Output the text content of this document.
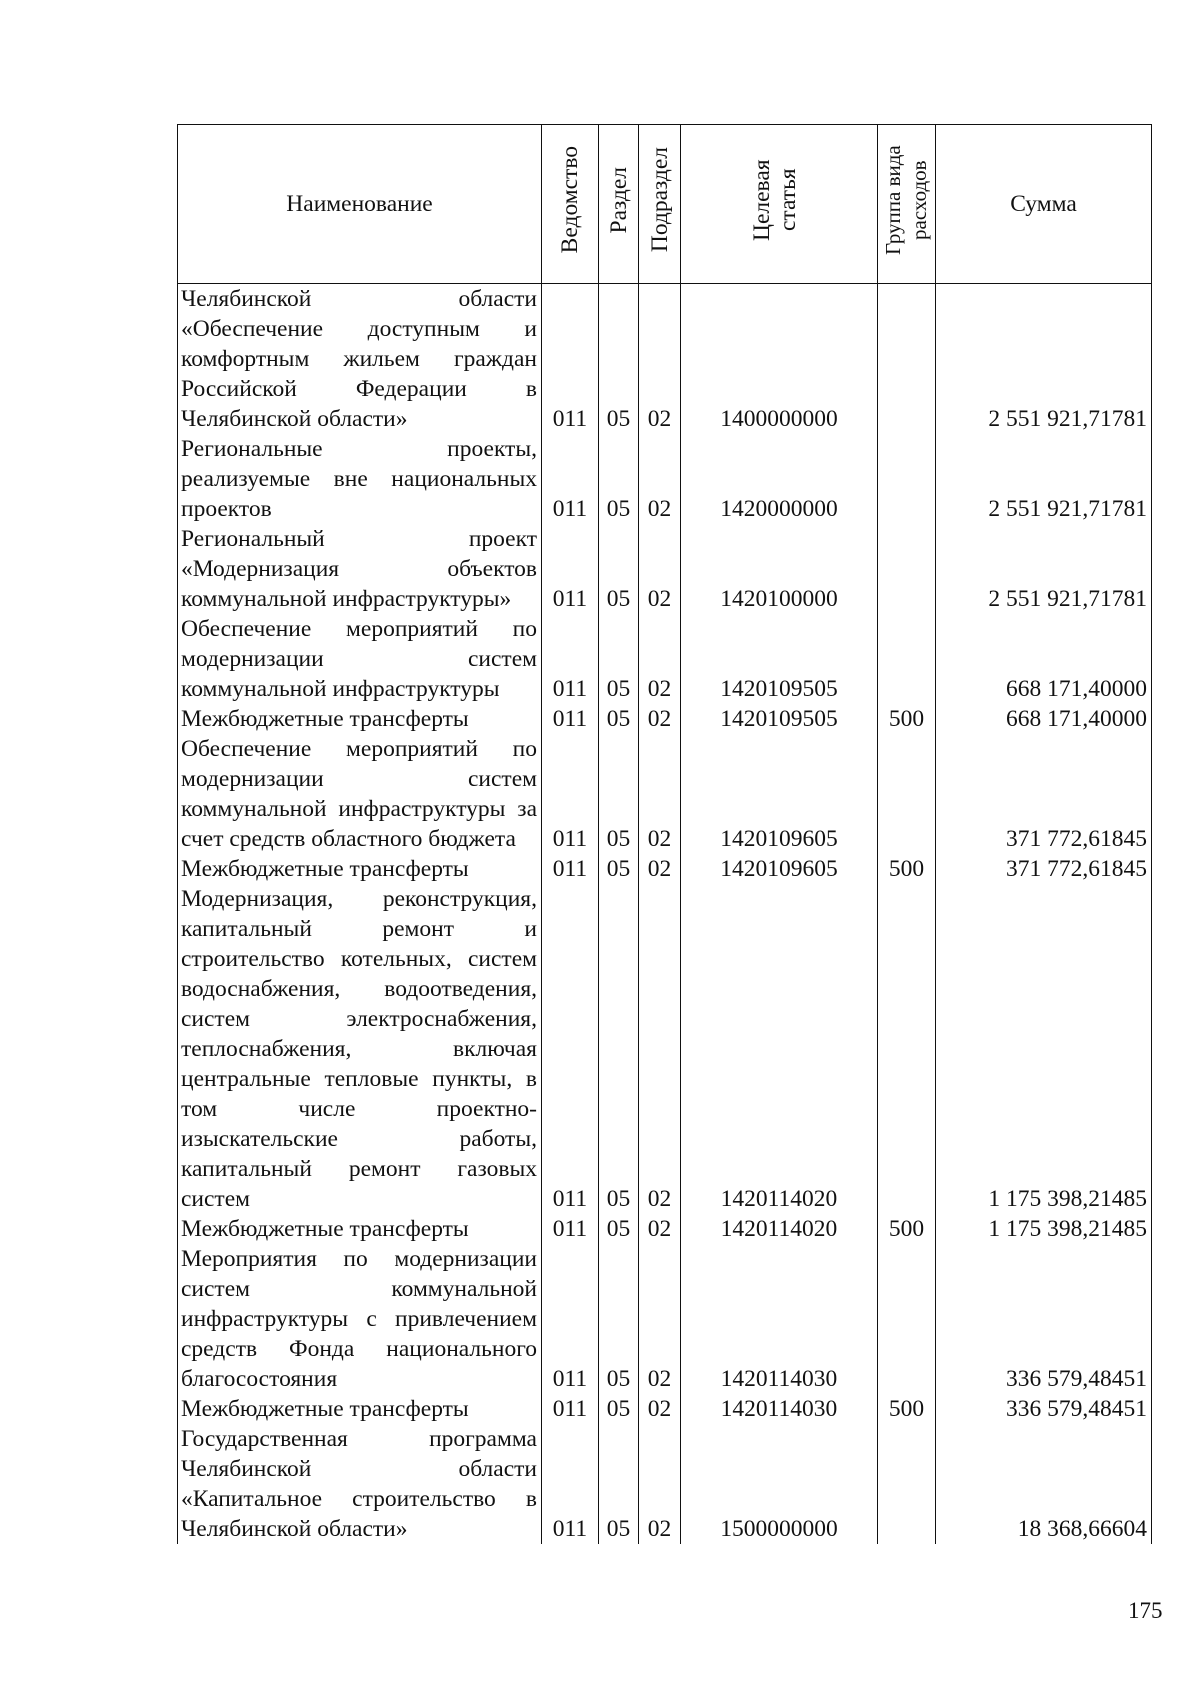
Наименование	Ведомство	Раздел	Подраздел	Целевая статья	Группа вида расходов	Сумма
Челябинской области «Обеспечение доступным и комфортным жильем граждан Российской Федерации в Челябинской области»	011	05	02	1400000000		2 551 921,71781
Региональные проекты, реализуемые вне национальных проектов	011	05	02	1420000000		2 551 921,71781
Региональный проект «Модернизация объектов коммунальной инфраструктуры»	011	05	02	1420100000		2 551 921,71781
Обеспечение мероприятий по модернизации систем коммунальной инфраструктуры	011	05	02	1420109505		668 171,40000
Межбюджетные трансферты	011	05	02	1420109505	500	668 171,40000
Обеспечение мероприятий по модернизации систем коммунальной инфраструктуры за счет средств областного бюджета	011	05	02	1420109605		371 772,61845
Межбюджетные трансферты	011	05	02	1420109605	500	371 772,61845
Модернизация, реконструкция, капитальный ремонт и строительство котельных, систем водоснабжения, водоотведения, систем электроснабжения, теплоснабжения, включая центральные тепловые пункты, в том числе проектно-изыскательские работы, капитальный ремонт газовых систем	011	05	02	1420114020		1 175 398,21485
Межбюджетные трансферты	011	05	02	1420114020	500	1 175 398,21485
Мероприятия по модернизации систем коммунальной инфраструктуры с привлечением средств Фонда национального благосостояния	011	05	02	1420114030		336 579,48451
Межбюджетные трансферты	011	05	02	1420114030	500	336 579,48451
Государственная программа Челябинской области «Капитальное строительство в Челябинской области»	011	05	02	1500000000		18 368,66604
175
